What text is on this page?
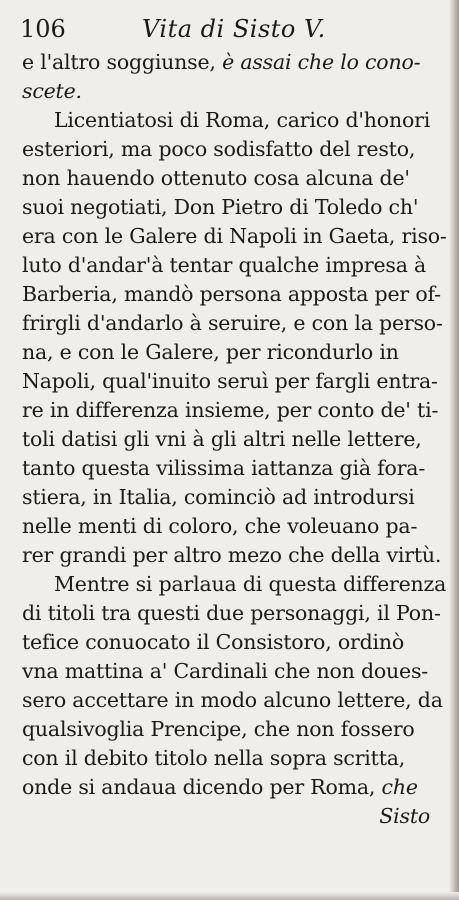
106	Vita di Sisto V.
e l'altro soggiunse, è assai che lo cono-
scete.
Licentiatosi di Roma, carico d'honori
esteriori, ma poco sodisfatto del resto,
non hauendo ottenuto cosa alcuna de'
suoi negotiati, Don Pietro di Toledo ch'
era con le Galere di Napoli in Gaeta, riso-
luto d'andar'à tentar qualche impresa à
Barberia, mandò persona apposta per of-
frirgli d'andarlo à seruire, e con la perso-
na, e con le Galere, per ricondurlo in
Napoli, qual'inuito seruì per fargli entra-
re in differenza insieme, per conto de' ti-
toli datisi gli vni à gli altri nelle lettere,
tanto questa vilissima iattanza già fora-
stiera, in Italia, cominciò ad introdursi
nelle menti di coloro, che voleuano pa-
rer grandi per altro mezo che della virtù.
Mentre si parlaua di questa differenza
di titoli tra questi due personaggi, il Pon-
tefice conuocato il Consistoro, ordinò
vna mattina a' Cardinali che non doues-
sero accettare in modo alcuno lettere, da
qualsivoglia Prencipe, che non fossero
con il debito titolo nella sopra scritta,
onde si andaua dicendo per Roma, che
Sisto
